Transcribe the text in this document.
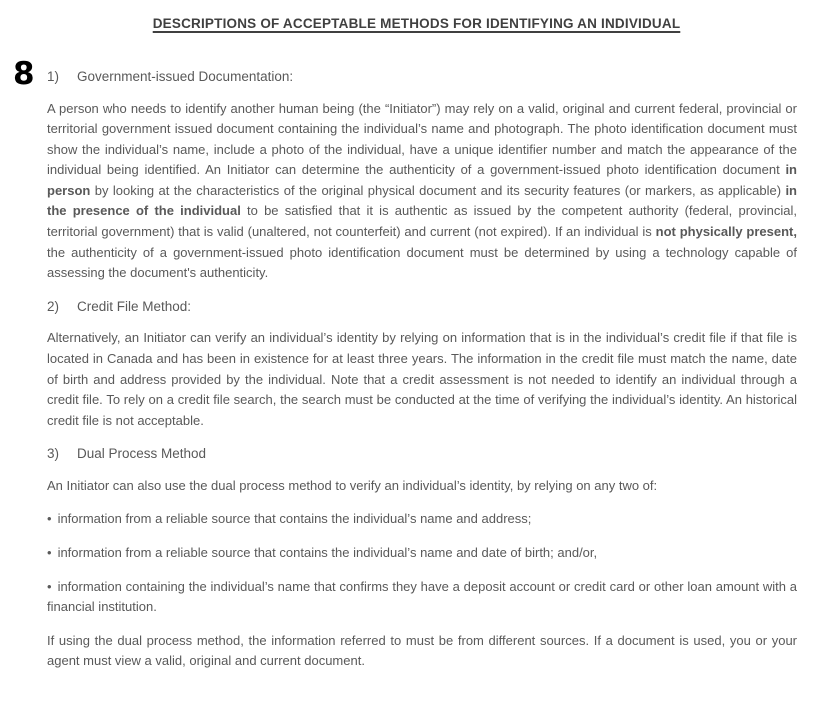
DESCRIPTIONS OF ACCEPTABLE METHODS FOR IDENTIFYING AN INDIVIDUAL
8 1) Government-issued Documentation:

A person who needs to identify another human being (the “Initiator”) may rely on a valid, original and current federal, provincial or territorial government issued document containing the individual’s name and photograph. The photo identification document must show the individual’s name, include a photo of the individual, have a unique identifier number and match the appearance of the individual being identified. An Initiator can determine the authenticity of a government-issued photo identification document in person by looking at the characteristics of the original physical document and its security features (or markers, as applicable) in the presence of the individual to be satisfied that it is authentic as issued by the competent authority (federal, provincial, territorial government) that is valid (unaltered, not counterfeit) and current (not expired). If an individual is not physically present, the authenticity of a government-issued photo identification document must be determined by using a technology capable of assessing the document's authenticity.

2) Credit File Method:

Alternatively, an Initiator can verify an individual’s identity by relying on information that is in the individual’s credit file if that file is located in Canada and has been in existence for at least three years. The information in the credit file must match the name, date of birth and address provided by the individual. Note that a credit assessment is not needed to identify an individual through a credit file. To rely on a credit file search, the search must be conducted at the time of verifying the individual’s identity. An historical credit file is not acceptable.

3) Dual Process Method

An Initiator can also use the dual process method to verify an individual’s identity, by relying on any two of:

• information from a reliable source that contains the individual’s name and address;

• information from a reliable source that contains the individual’s name and date of birth; and/or,

• information containing the individual’s name that confirms they have a deposit account or credit card or other loan amount with a financial institution.

If using the dual process method, the information referred to must be from different sources. If a document is used, you or your agent must view a valid, original and current document.
